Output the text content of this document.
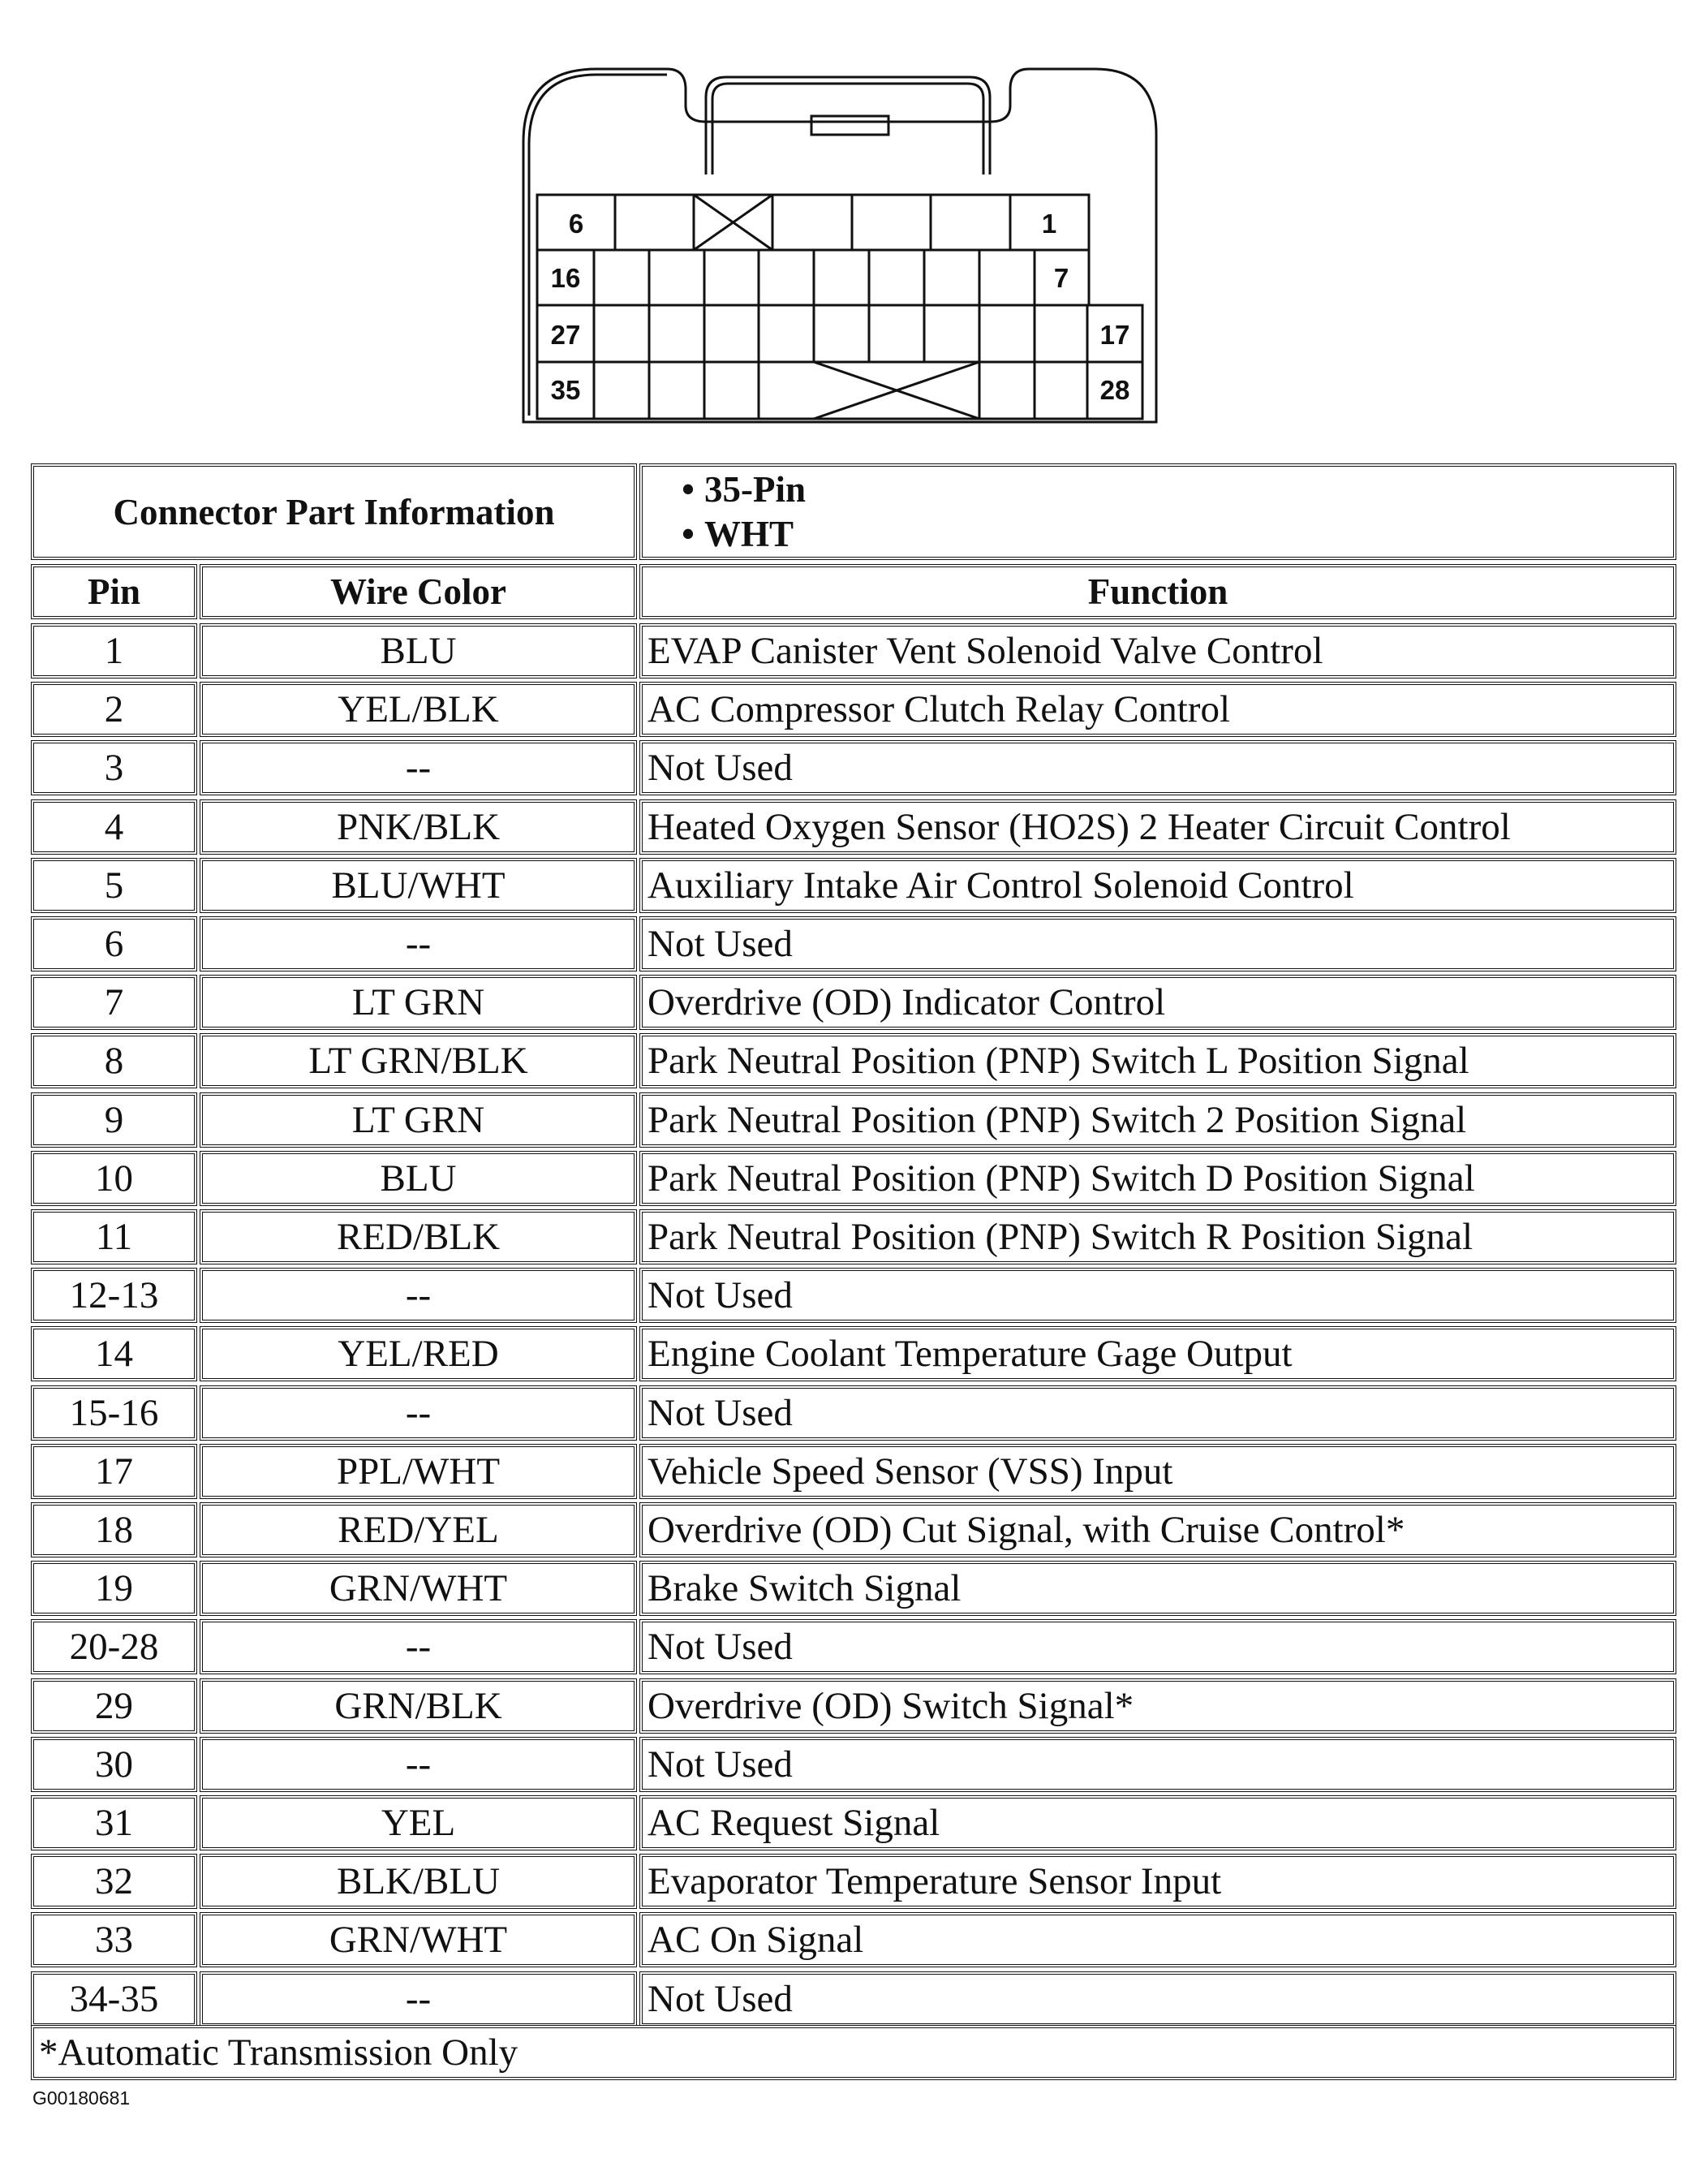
6	1
16	7
27	17
35	28
Connector Part Information
• 35-Pin
• WHT
Pin	Wire Color	Function
1	BLU	EVAP Canister Vent Solenoid Valve Control
2	YEL/BLK	AC Compressor Clutch Relay Control
3	--	Not Used
4	PNK/BLK	Heated Oxygen Sensor (HO2S) 2 Heater Circuit Control
5	BLU/WHT	Auxiliary Intake Air Control Solenoid Control
6	--	Not Used
7	LT GRN	Overdrive (OD) Indicator Control
8	LT GRN/BLK	Park Neutral Position (PNP) Switch L Position Signal
9	LT GRN	Park Neutral Position (PNP) Switch 2 Position Signal
10	BLU	Park Neutral Position (PNP) Switch D Position Signal
11	RED/BLK	Park Neutral Position (PNP) Switch R Position Signal
12-13	--	Not Used
14	YEL/RED	Engine Coolant Temperature Gage Output
15-16	--	Not Used
17	PPL/WHT	Vehicle Speed Sensor (VSS) Input
18	RED/YEL	Overdrive (OD) Cut Signal, with Cruise Control*
19	GRN/WHT	Brake Switch Signal
20-28	--	Not Used
29	GRN/BLK	Overdrive (OD) Switch Signal*
30	--	Not Used
31	YEL	AC Request Signal
32	BLK/BLU	Evaporator Temperature Sensor Input
33	GRN/WHT	AC On Signal
34-35	--	Not Used
*Automatic Transmission Only
G00180681
